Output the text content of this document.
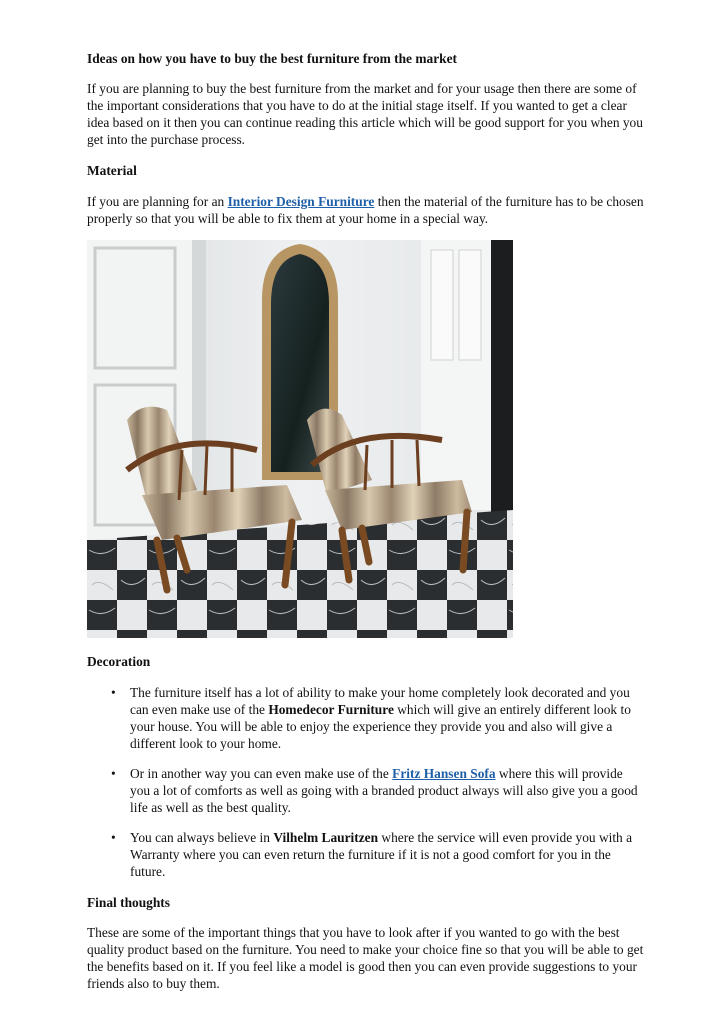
Ideas on how you have to buy the best furniture from the market

If you are planning to buy the best furniture from the market and for your usage then there are some of the important considerations that you have to do at the initial stage itself. If you wanted to get a clear idea based on it then you can continue reading this article which will be good support for you when you get into the purchase process.

Material

If you are planning for an Interior Design Furniture then the material of the furniture has to be chosen properly so that you will be able to fix them at your home in a special way.

Decoration

• The furniture itself has a lot of ability to make your home completely look decorated and you can even make use of the Homedecor Furniture which will give an entirely different look to your house. You will be able to enjoy the experience they provide you and also will give a different look to your home.

• Or in another way you can even make use of the Fritz Hansen Sofa where this will provide you a lot of comforts as well as going with a branded product always will also give you a good life as well as the best quality.

• You can always believe in Vilhelm Lauritzen where the service will even provide you with a Warranty where you can even return the furniture if it is not a good comfort for you in the future.

Final thoughts

These are some of the important things that you have to look after if you wanted to go with the best quality product based on the furniture. You need to make your choice fine so that you will be able to get the benefits based on it. If you feel like a model is good then you can even provide suggestions to your friends also to buy them.
